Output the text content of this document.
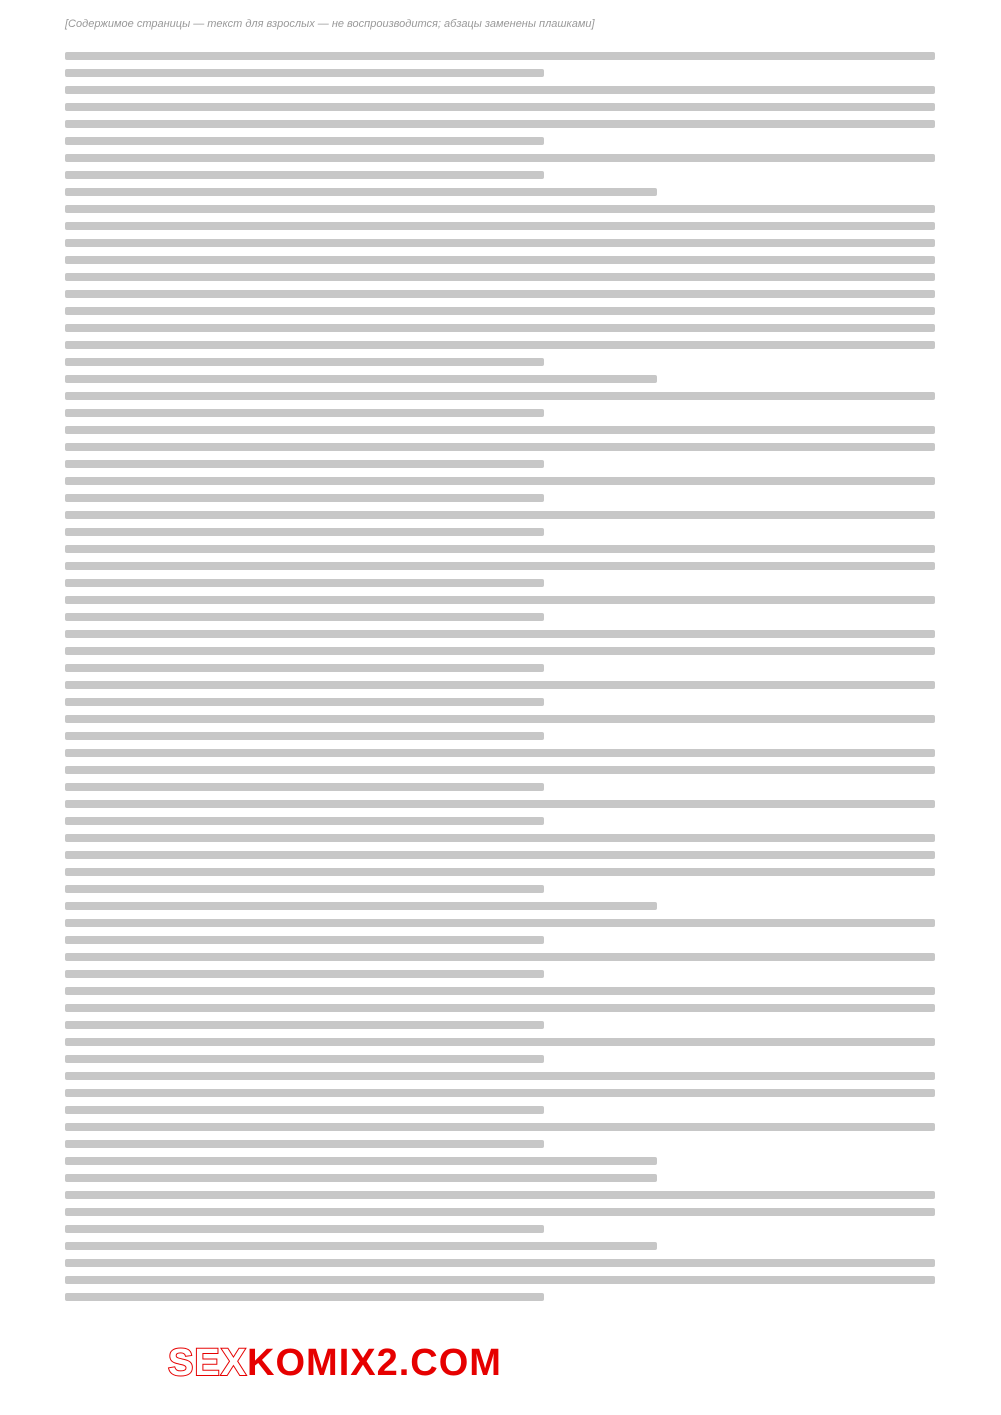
[Содержимое страницы — текст для взрослых — не воспроизводится; абзацы заменены плашками]
SEXKOMIX2.COM
